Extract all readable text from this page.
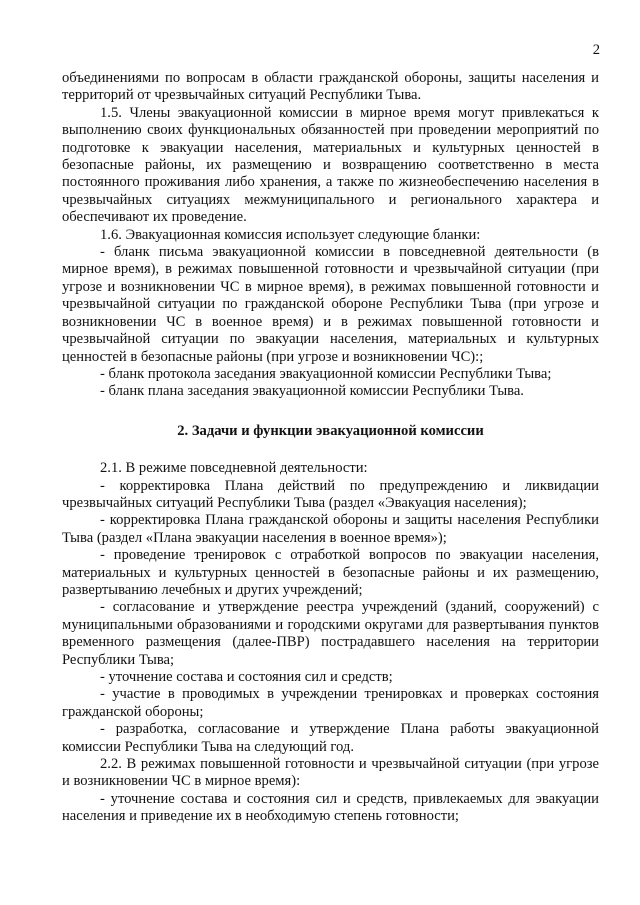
2

объединениями по вопросам в области гражданской обороны, защиты населения и территорий от чрезвычайных ситуаций Республики Тыва.

1.5. Члены эвакуационной комиссии в мирное время могут привлекаться к выполнению своих функциональных обязанностей при проведении мероприятий по подготовке к эвакуации населения, материальных и культурных ценностей в безопасные районы, их размещению и возвращению соответственно в места постоянного проживания либо хранения, а также по жизнеобеспечению населения в чрезвычайных ситуациях межмуниципального и регионального характера и обеспечивают их проведение.

1.6. Эвакуационная комиссия использует следующие бланки:

- бланк письма эвакуационной комиссии в повседневной деятельности (в мирное время), в режимах повышенной готовности и чрезвычайной ситуации (при угрозе и возникновении ЧС в мирное время), в режимах повышенной готовности и чрезвычайной ситуации по гражданской обороне Республики Тыва (при угрозе и возникновении ЧС в военное время) и в режимах повышенной готовности и чрезвычайной ситуации по эвакуации населения, материальных и культурных ценностей в безопасные районы (при угрозе и возникновении ЧС):;

- бланк протокола заседания эвакуационной комиссии Республики Тыва;

- бланк плана заседания эвакуационной комиссии Республики Тыва.

2. Задачи и функции эвакуационной комиссии

2.1. В режиме повседневной деятельности:

- корректировка Плана действий по предупреждению и ликвидации чрезвычайных ситуаций Республики Тыва (раздел «Эвакуация населения);

- корректировка Плана гражданской обороны и защиты населения Республики Тыва (раздел «Плана эвакуации населения в военное время»);

- проведение тренировок с отработкой вопросов по эвакуации населения, материальных и культурных ценностей в безопасные районы и их размещению, развертыванию лечебных и других учреждений;

- согласование и утверждение реестра учреждений (зданий, сооружений) с муниципальными образованиями и городскими округами для развертывания пунктов временного размещения (далее-ПВР) пострадавшего населения на территории Республики Тыва;

- уточнение состава и состояния сил и средств;

- участие в проводимых в учреждении тренировках и проверках состояния гражданской обороны;

- разработка, согласование и утверждение Плана работы эвакуационной комиссии Республики Тыва на следующий год.

2.2. В режимах повышенной готовности и чрезвычайной ситуации (при угрозе и возникновении ЧС в мирное время):

- уточнение состава и состояния сил и средств, привлекаемых для эвакуации населения и приведение их в необходимую степень готовности;
